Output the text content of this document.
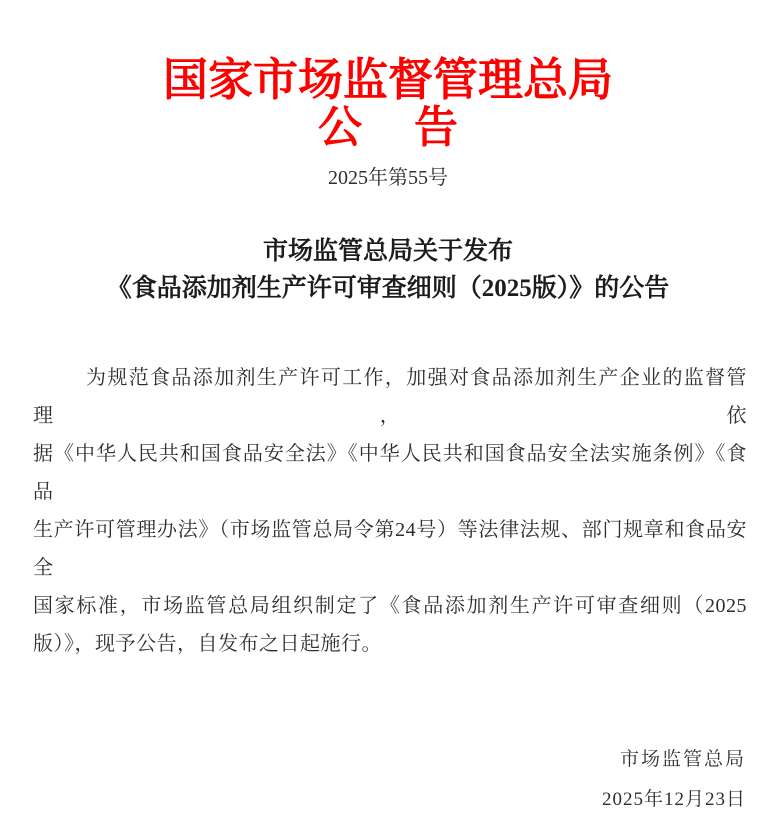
国家市场监督管理总局
公 告
2025年第55号
市场监管总局关于发布
《食品添加剂生产许可审查细则（2025版）》的公告
为规范食品添加剂生产许可工作，加强对食品添加剂生产企业的监督管理，依
据《中华人民共和国食品安全法》《中华人民共和国食品安全法实施条例》《食品
生产许可管理办法》（市场监管总局令第24号）等法律法规、部门规章和食品安全
国家标准，市场监管总局组织制定了《食品添加剂生产许可审查细则（2025
版）》，现予公告，自发布之日起施行。
市场监管总局
2025年12月23日
